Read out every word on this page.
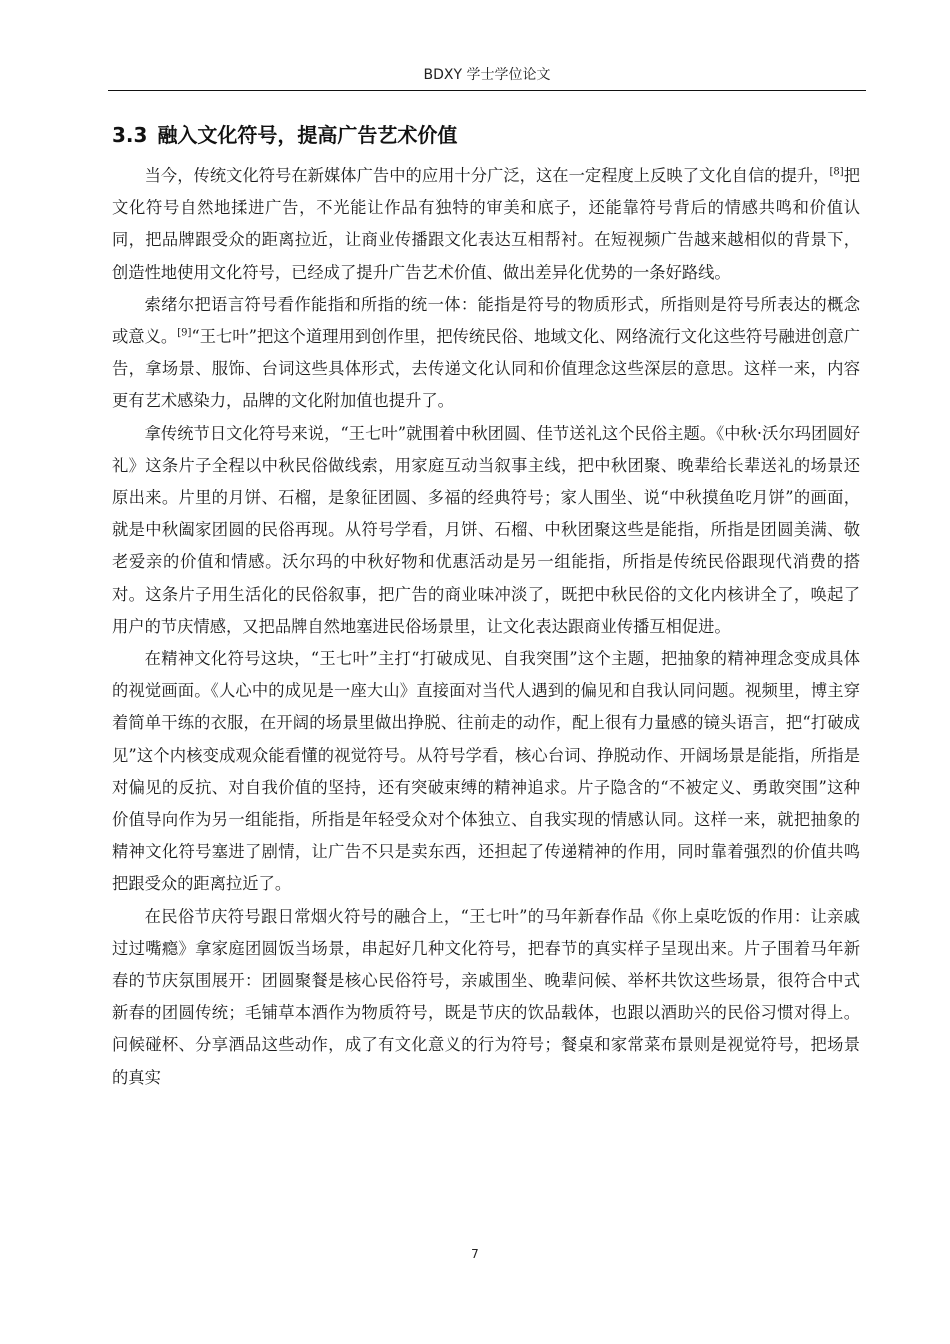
BDXY 学士学位论文
3.3 融入文化符号，提高广告艺术价值

当今，传统文化符号在新媒体广告中的应用十分广泛，这在一定程度上反映了文化自信的提升，[8]把文化符号自然地揉进广告，不光能让作品有独特的审美和底子，还能靠符号背后的情感共鸣和价值认同，把品牌跟受众的距离拉近，让商业传播跟文化表达互相帮衬。在短视频广告越来越相似的背景下，创造性地使用文化符号，已经成了提升广告艺术价值、做出差异化优势的一条好路线。

索绪尔把语言符号看作能指和所指的统一体：能指是符号的物质形式，所指则是符号所表达的概念或意义。[9]“王七叶”把这个道理用到创作里，把传统民俗、地域文化、网络流行文化这些符号融进创意广告，拿场景、服饰、台词这些具体形式，去传递文化认同和价值理念这些深层的意思。这样一来，内容更有艺术感染力，品牌的文化附加值也提升了。

拿传统节日文化符号来说，“王七叶”就围着中秋团圆、佳节送礼这个民俗主题。《中秋·沃尔玛团圆好礼》这条片子全程以中秋民俗做线索，用家庭互动当叙事主线，把中秋团聚、晚辈给长辈送礼的场景还原出来。片里的月饼、石榴，是象征团圆、多福的经典符号；家人围坐、说“中秋摸鱼吃月饼”的画面，就是中秋阖家团圆的民俗再现。从符号学看，月饼、石榴、中秋团聚这些是能指，所指是团圆美满、敬老爱亲的价值和情感。沃尔玛的中秋好物和优惠活动是另一组能指，所指是传统民俗跟现代消费的搭对。这条片子用生活化的民俗叙事，把广告的商业味冲淡了，既把中秋民俗的文化内核讲全了，唤起了用户的节庆情感，又把品牌自然地塞进民俗场景里，让文化表达跟商业传播互相促进。

在精神文化符号这块，“王七叶”主打“打破成见、自我突围”这个主题，把抽象的精神理念变成具体的视觉画面。《人心中的成见是一座大山》直接面对当代人遇到的偏见和自我认同问题。视频里，博主穿着简单干练的衣服，在开阔的场景里做出挣脱、往前走的动作，配上很有力量感的镜头语言，把“打破成见”这个内核变成观众能看懂的视觉符号。从符号学看，核心台词、挣脱动作、开阔场景是能指，所指是对偏见的反抗、对自我价值的坚持，还有突破束缚的精神追求。片子隐含的“不被定义、勇敢突围”这种价值导向作为另一组能指，所指是年轻受众对个体独立、自我实现的情感认同。这样一来，就把抽象的精神文化符号塞进了剧情，让广告不只是卖东西，还担起了传递精神的作用，同时靠着强烈的价值共鸣把跟受众的距离拉近了。

在民俗节庆符号跟日常烟火符号的融合上，“王七叶”的马年新春作品《你上桌吃饭的作用：让亲戚过过嘴瘾》拿家庭团圆饭当场景，串起好几种文化符号，把春节的真实样子呈现出来。片子围着马年新春的节庆氛围展开：团圆聚餐是核心民俗符号，亲戚围坐、晚辈问候、举杯共饮这些场景，很符合中式新春的团圆传统；毛铺草本酒作为物质符号，既是节庆的饮品载体，也跟以酒助兴的民俗习惯对得上。问候碰杯、分享酒品这些动作，成了有文化意义的行为符号；餐桌和家常菜布景则是视觉符号，把场景的真实

7
